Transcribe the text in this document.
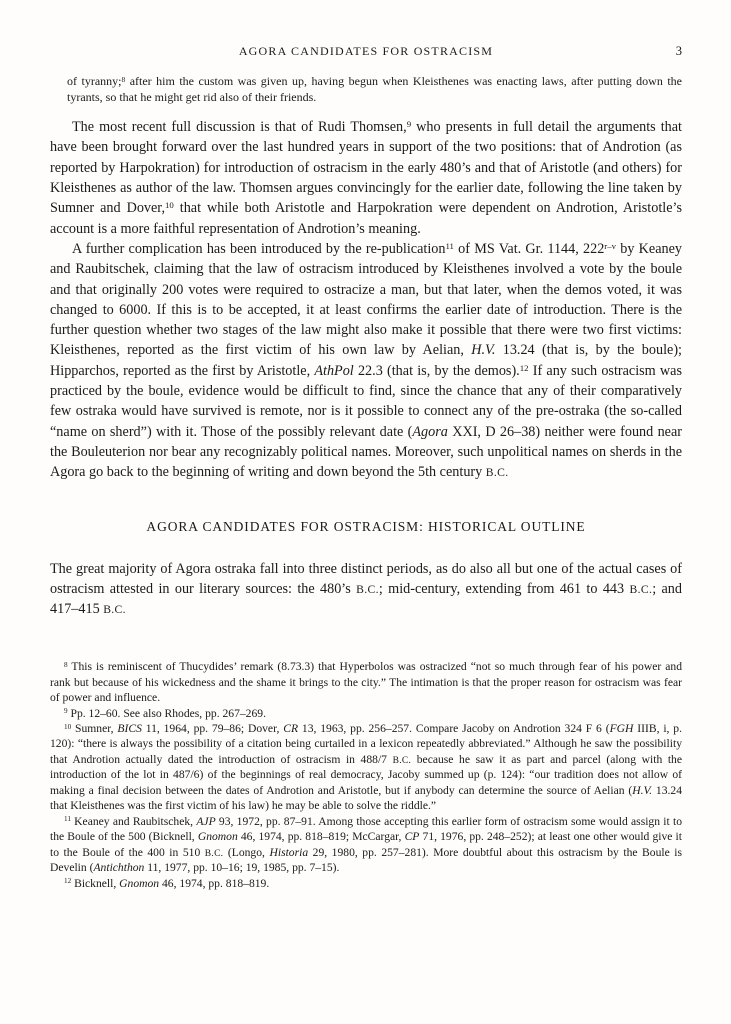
AGORA CANDIDATES FOR OSTRACISM	3

of tyranny;$^8$ after him the custom was given up, having begun when Kleisthenes was enacting laws, after putting down the tyrants, so that he might get rid also of their friends.

The most recent full discussion is that of Rudi Thomsen,$^9$ who presents in full detail the arguments that have been brought forward over the last hundred years in support of the two positions: that of Androtion (as reported by Harpokration) for introduction of ostracism in the early 480’s and that of Aristotle (and others) for Kleisthenes as author of the law. Thomsen argues convincingly for the earlier date, following the line taken by Sumner and Dover,$^{10}$ that while both Aristotle and Harpokration were dependent on Androtion, Aristotle’s account is a more faithful representation of Androtion’s meaning.

A further complication has been introduced by the re-publication$^{11}$ of MS Vat. Gr. 1144, 222$^{r-v}$ by Keaney and Raubitschek, claiming that the law of ostracism introduced by Kleisthenes involved a vote by the boule and that originally 200 votes were required to ostracize a man, but that later, when the demos voted, it was changed to 6000. If this is to be accepted, it at least confirms the earlier date of introduction. There is the further question whether two stages of the law might also make it possible that there were two first victims: Kleisthenes, reported as the first victim of his own law by Aelian, H.V. 13.24 (that is, by the boule); Hipparchos, reported as the first by Aristotle, AthPol 22.3 (that is, by the demos).$^{12}$ If any such ostracism was practiced by the boule, evidence would be difficult to find, since the chance that any of their comparatively few ostraka would have survived is remote, nor is it possible to connect any of the pre-ostraka (the so-called “name on sherd”) with it. Those of the possibly relevant date (Agora XXI, D 26–38) neither were found near the Bouleuterion nor bear any recognizably political names. Moreover, such unpolitical names on sherds in the Agora go back to the beginning of writing and down beyond the 5th century B.C.

AGORA CANDIDATES FOR OSTRACISM: HISTORICAL OUTLINE

The great majority of Agora ostraka fall into three distinct periods, as do also all but one of the actual cases of ostracism attested in our literary sources: the 480’s B.C.; mid-century, extending from 461 to 443 B.C.; and 417–415 B.C.

$^8$ This is reminiscent of Thucydides’ remark (8.73.3) that Hyperbolos was ostracized “not so much through fear of his power and rank but because of his wickedness and the shame it brings to the city.” The intimation is that the proper reason for ostracism was fear of power and influence.

$^9$ Pp. 12–60. See also Rhodes, pp. 267–269.

$^{10}$ Sumner, BICS 11, 1964, pp. 79–86; Dover, CR 13, 1963, pp. 256–257. Compare Jacoby on Androtion 324 F 6 (FGH IIIB, i, p. 120): “there is always the possibility of a citation being curtailed in a lexicon repeatedly abbreviated.” Although he saw the possibility that Androtion actually dated the introduction of ostracism in 488/7 B.C. because he saw it as part and parcel (along with the introduction of the lot in 487/6) of the beginnings of real democracy, Jacoby summed up (p. 124): “our tradition does not allow of making a final decision between the dates of Androtion and Aristotle, but if anybody can determine the source of Aelian (H.V. 13.24 that Kleisthenes was the first victim of his law) he may be able to solve the riddle.”

$^{11}$ Keaney and Raubitschek, AJP 93, 1972, pp. 87–91. Among those accepting this earlier form of ostracism some would assign it to the Boule of the 500 (Bicknell, Gnomon 46, 1974, pp. 818–819; McCargar, CP 71, 1976, pp. 248–252); at least one other would give it to the Boule of the 400 in 510 B.C. (Longo, Historia 29, 1980, pp. 257–281). More doubtful about this ostracism by the Boule is Develin (Antichthon 11, 1977, pp. 10–16; 19, 1985, pp. 7–15).

$^{12}$ Bicknell, Gnomon 46, 1974, pp. 818–819.
